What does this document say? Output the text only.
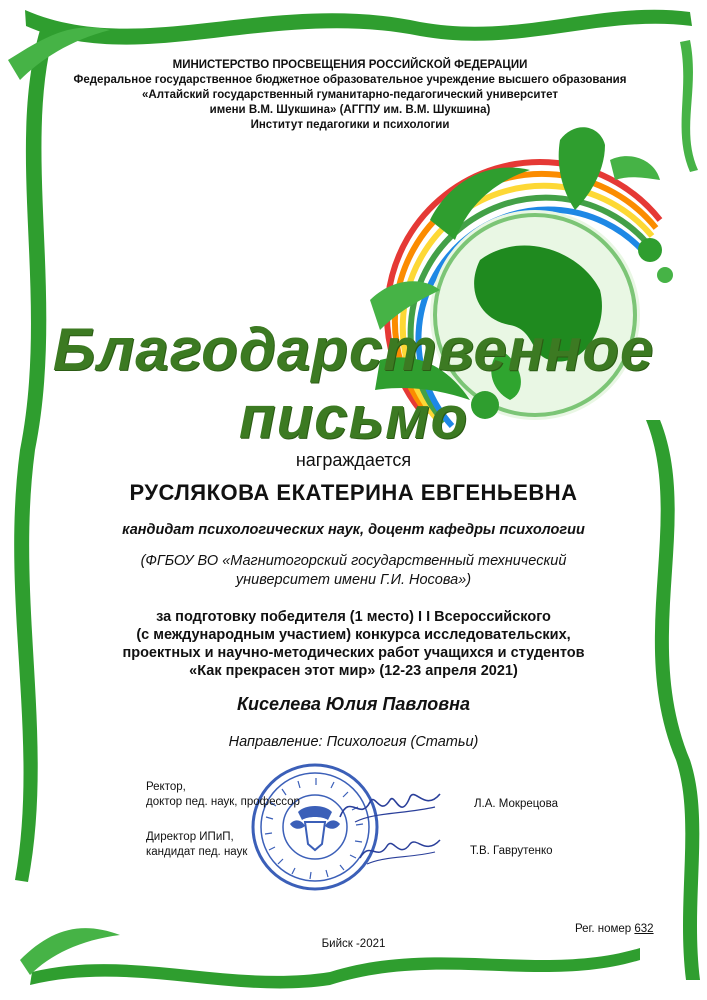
МИНИСТЕРСТВО ПРОСВЕЩЕНИЯ РОССИЙСКОЙ ФЕДЕРАЦИИ
Федеральное государственное бюджетное образовательное учреждение высшего образования
«Алтайский государственный гуманитарно-педагогический университет
имени В.М. Шукшина» (АГГПУ им. В.М. Шукшина)
Институт педагогики и психологии
Благодарственное
письмо
награждается
РУСЛЯКОВА ЕКАТЕРИНА ЕВГЕНЬЕВНА
кандидат психологических наук, доцент кафедры психологии
(ФГБОУ ВО «Магнитогорский государственный технический
университет имени Г.И. Носова»)
за подготовку победителя (1 место) I I Всероссийского
(с международным участием) конкурса исследовательских,
проектных и научно-методических работ учащихся и студентов
«Как прекрасен этот мир» (12-23 апреля 2021)
Киселева Юлия Павловна
Направление: Психология (Статьи)
Ректор,
доктор пед. наук, профессор	Л.А. Мокрецова
Директор ИПиП,
кандидат пед. наук	Т.В. Гаврутенко
Рег. номер 632
Бийск -2021
